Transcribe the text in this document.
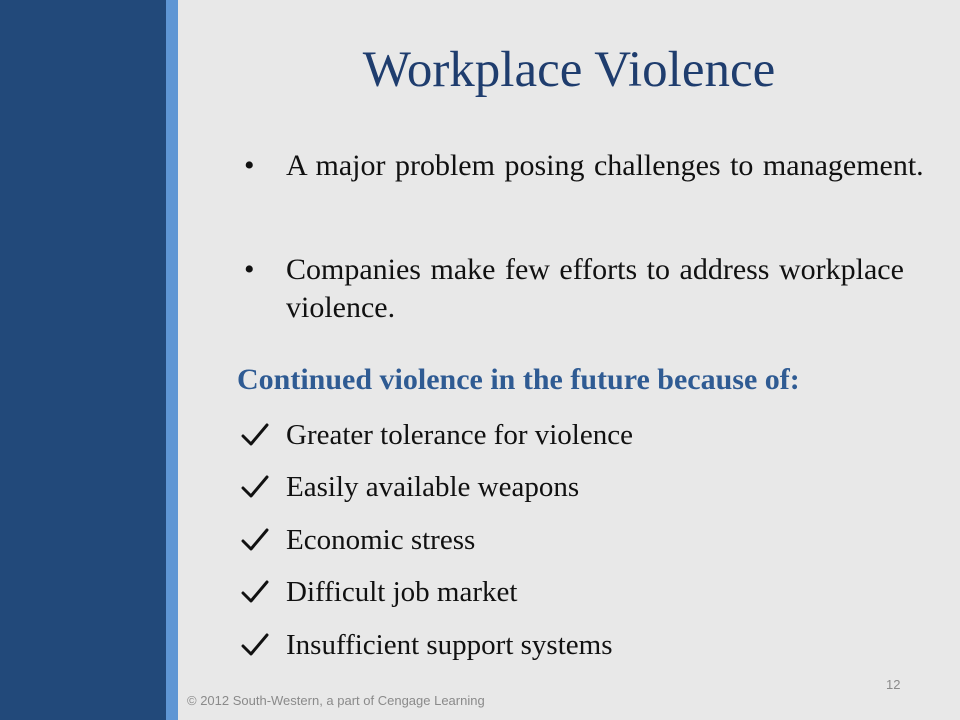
Workplace Violence
• A major problem posing challenges to management.
• Companies make few efforts to address workplace violence.
Continued violence in the future because of:
Greater tolerance for violence
Easily available weapons
Economic stress
Difficult job market
Insufficient support systems
© 2012 South-Western, a part of Cengage Learning
12
